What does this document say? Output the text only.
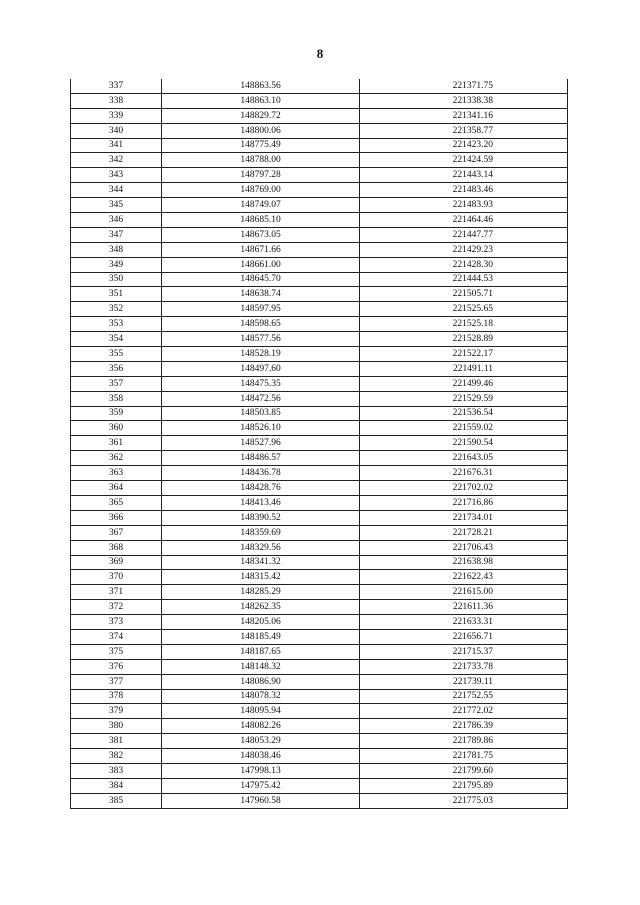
8
337	148863.56	221371.75
338	148863.10	221338.38
339	148829.72	221341.16
340	148800.06	221358.77
341	148775.49	221423.20
342	148788.00	221424.59
343	148797.28	221443.14
344	148769.00	221483.46
345	148749.07	221483.93
346	148685.10	221464.46
347	148673.05	221447.77
348	148671.66	221429.23
349	148661.00	221428.30
350	148645.70	221444.53
351	148638.74	221505.71
352	148597.95	221525.65
353	148598.65	221525.18
354	148577.56	221528.89
355	148528.19	221522.17
356	148497.60	221491.11
357	148475.35	221499.46
358	148472.56	221529.59
359	148503.85	221536.54
360	148526.10	221559.02
361	148527.96	221590.54
362	148486.57	221643.05
363	148436.78	221676.31
364	148428.76	221702.02
365	148413.46	221716.86
366	148390.52	221734.01
367	148359.69	221728.21
368	148329.56	221706.43
369	148341.32	221638.98
370	148315.42	221622.43
371	148285.29	221615.00
372	148262.35	221611.36
373	148205.06	221633.31
374	148185.49	221656.71
375	148187.65	221715.37
376	148148.32	221733.78
377	148086.90	221739.11
378	148078.32	221752.55
379	148095.94	221772.02
380	148082.26	221786.39
381	148053.29	221789.86
382	148038.46	221781.75
383	147998.13	221799.60
384	147975.42	221795.89
385	147960.58	221775.03
